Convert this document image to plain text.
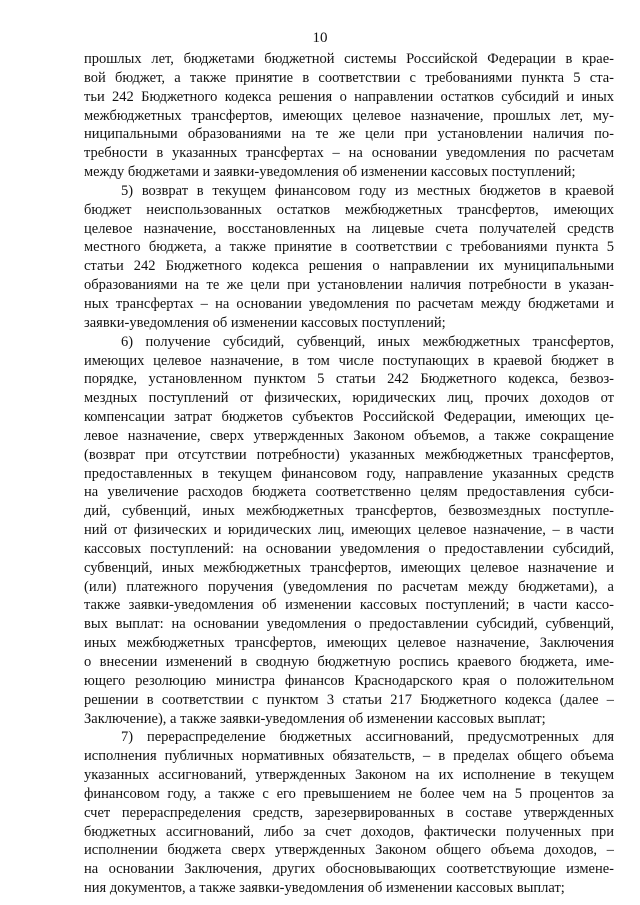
10
прошлых лет, бюджетами бюджетной системы Российской Федерации в крае-
вой бюджет, а также принятие в соответствии с требованиями пункта 5 ста-
тьи 242 Бюджетного кодекса решения о направлении остатков субсидий и иных
межбюджетных трансфертов, имеющих целевое назначение, прошлых лет, му-
ниципальными образованиями на те же цели при установлении наличия по-
требности в указанных трансфертах – на основании уведомления по расчетам
между бюджетами и заявки-уведомления об изменении кассовых поступлений;
5) возврат в текущем финансовом году из местных бюджетов в краевой
бюджет неиспользованных остатков межбюджетных трансфертов, имеющих
целевое назначение, восстановленных на лицевые счета получателей средств
местного бюджета, а также принятие в соответствии с требованиями пункта 5
статьи 242 Бюджетного кодекса решения о направлении их муниципальными
образованиями на те же цели при установлении наличия потребности в указан-
ных трансфертах – на основании уведомления по расчетам между бюджетами и
заявки-уведомления об изменении кассовых поступлений;
6) получение субсидий, субвенций, иных межбюджетных трансфертов,
имеющих целевое назначение, в том числе поступающих в краевой бюджет в
порядке, установленном пунктом 5 статьи 242 Бюджетного кодекса, безвоз-
мездных поступлений от физических, юридических лиц, прочих доходов от
компенсации затрат бюджетов субъектов Российской Федерации, имеющих це-
левое назначение, сверх утвержденных Законом объемов, а также сокращение
(возврат при отсутствии потребности) указанных межбюджетных трансфертов,
предоставленных в текущем финансовом году, направление указанных средств
на увеличение расходов бюджета соответственно целям предоставления субси-
дий, субвенций, иных межбюджетных трансфертов, безвозмездных поступле-
ний от физических и юридических лиц, имеющих целевое назначение, – в части
кассовых поступлений: на основании уведомления о предоставлении субсидий,
субвенций, иных межбюджетных трансфертов, имеющих целевое назначение и
(или) платежного поручения (уведомления по расчетам между бюджетами), а
также заявки-уведомления об изменении кассовых поступлений; в части кассо-
вых выплат: на основании уведомления о предоставлении субсидий, субвенций,
иных межбюджетных трансфертов, имеющих целевое назначение, Заключения
о внесении изменений в сводную бюджетную роспись краевого бюджета, име-
ющего резолюцию министра финансов Краснодарского края о положительном
решении в соответствии с пунктом 3 статьи 217 Бюджетного кодекса (далее –
Заключение), а также заявки-уведомления об изменении кассовых выплат;
7) перераспределение бюджетных ассигнований, предусмотренных для
исполнения публичных нормативных обязательств, – в пределах общего объема
указанных ассигнований, утвержденных Законом на их исполнение в текущем
финансовом году, а также с его превышением не более чем на 5 процентов за
счет перераспределения средств, зарезервированных в составе утвержденных
бюджетных ассигнований, либо за счет доходов, фактически полученных при
исполнении бюджета сверх утвержденных Законом общего объема доходов, –
на основании Заключения, других обосновывающих соответствующие измене-
ния документов, а также заявки-уведомления об изменении кассовых выплат;
